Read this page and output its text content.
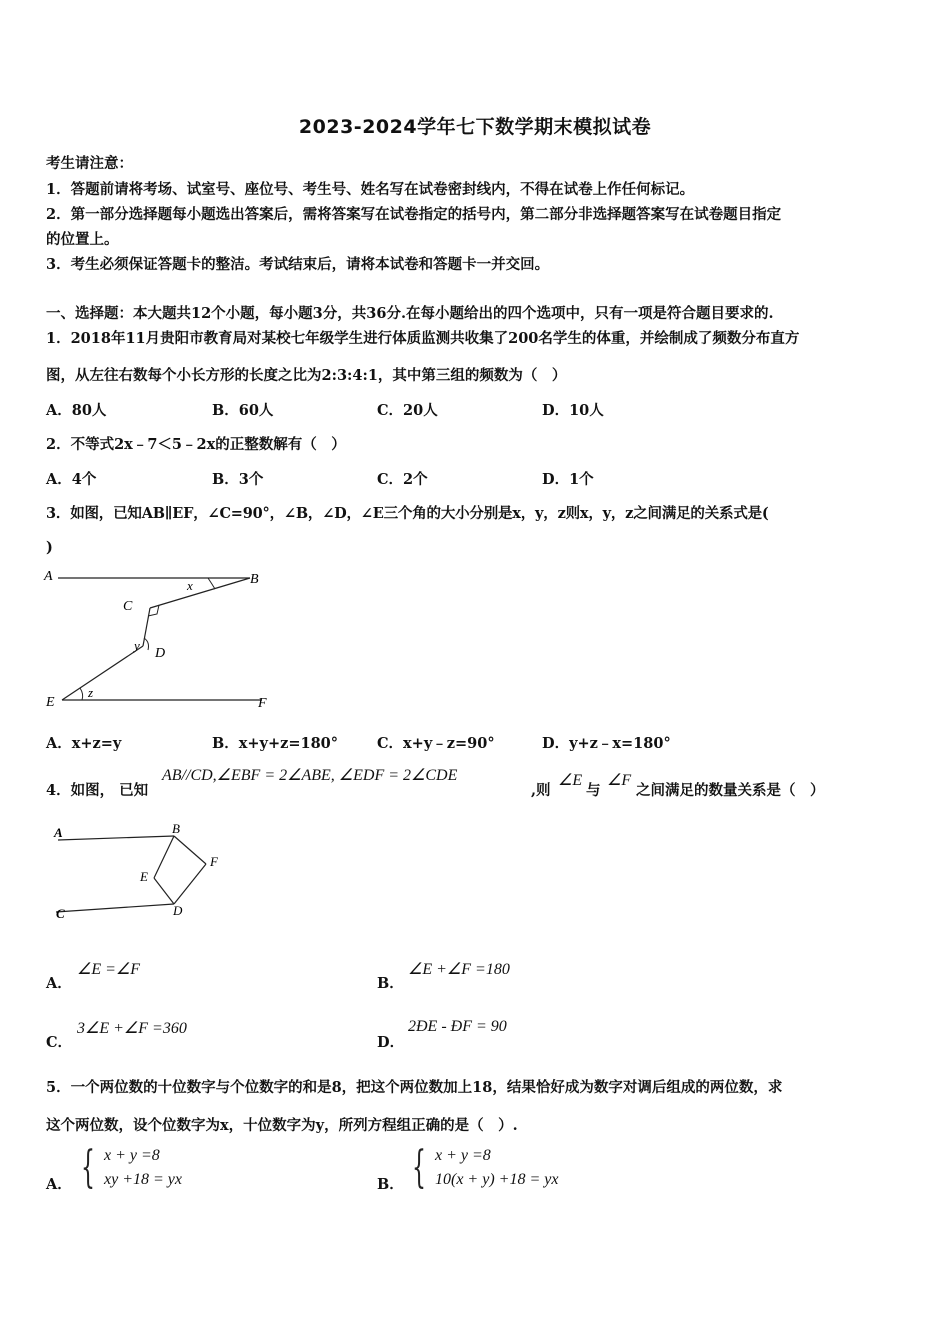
2023-2024学年七下数学期末模拟试卷
考生请注意：
1．答题前请将考场、试室号、座位号、考生号、姓名写在试卷密封线内，不得在试卷上作任何标记。
2．第一部分选择题每小题选出答案后，需将答案写在试卷指定的括号内，第二部分非选择题答案写在试卷题目指定
的位置上。
3．考生必须保证答题卡的整洁。考试结束后，请将本试卷和答题卡一并交回。
一、选择题：本大题共12个小题，每小题3分，共36分.在每小题给出的四个选项中，只有一项是符合题目要求的.
1．2018年11月贵阳市教育局对某校七年级学生进行体质监测共收集了200名学生的体重，并绘制成了频数分布直方
图，从左往右数每个小长方形的长度之比为2:3:4:1，其中第三组的频数为（　）
A．80人	B．60人	C．20人	D．10人
2．不等式2x﹣7＜5﹣2x的正整数解有（　）
A．4个	B．3个	C．2个	D．1个
3．如图，已知AB∥EF，∠C=90°，∠B，∠D，∠E三个角的大小分别是x，y，z则x，y，z之间满足的关系式是(
)
A	B
C
D
E	F
x
y
z
A．x+z=y	B．x+y+z=180°	C．x+y﹣z=90°	D．y+z﹣x=180°
4．如图， 已知
AB//CD,∠EBF = 2∠ABE, ∠EDF = 2∠CDE
,则
∠E
与
∠F
之间满足的数量关系是（　）
A	B
C	D
E
F
A．
∠E =∠F
B．
∠E +∠F =180
C．
3∠E +∠F =360
D．
2ÐE - ÐF = 90
5．一个两位数的十位数字与个位数字的和是8，把这个两位数加上18，结果恰好成为数字对调后组成的两位数，求
这个两位数，设个位数字为x，十位数字为y，所列方程组正确的是（　）.
A． { x + y =8
xy +18 = yx	B． { x + y =8
10(x + y) +18 = yx
